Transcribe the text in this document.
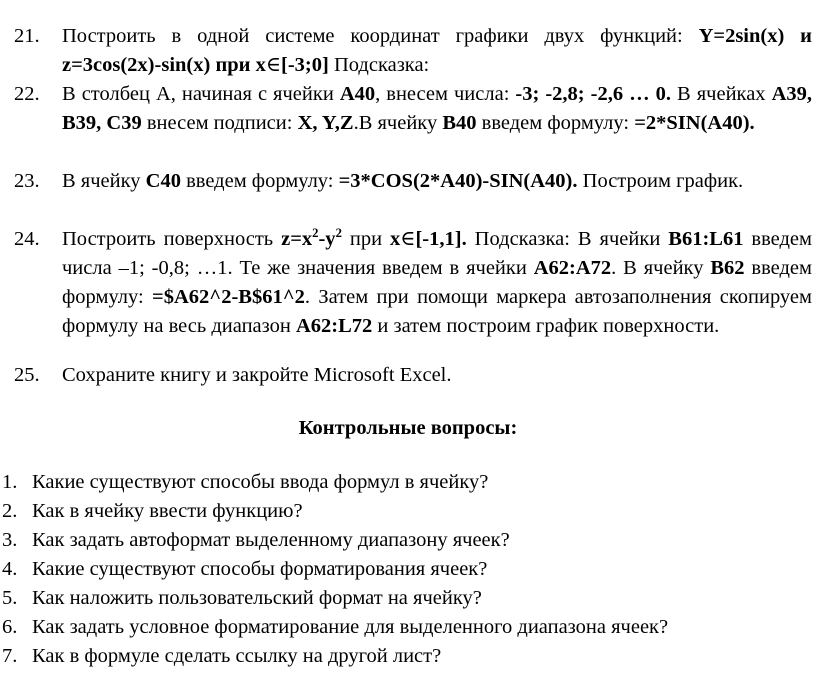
21. Построить в одной системе координат графики двух функций: Y=2sin(x) и z=3cos(2x)-sin(x) при x∈[-3;0] Подсказка:
22. В столбец А, начиная с ячейки A40, внесем числа: -3; -2,8; -2,6 … 0. В ячейках A39, B39, C39 внесем подписи: X, Y,Z.В ячейку B40 введем формулу: =2*SIN(A40).
23. В ячейку C40 введем формулу: =3*COS(2*A40)-SIN(A40). Построим график.
24. Построить поверхность $z=x^2-y^2$ при x∈[-1,1]. Подсказка: В ячейки B61:L61 введем числа –1; -0,8; …1. Те же значения введем в ячейки A62:A72. В ячейку B62 введем формулу: =$A62^2-B$61^2. Затем при помощи маркера автозаполнения скопируем формулу на весь диапазон A62:L72 и затем построим график поверхности.
25. Сохраните книгу и закройте Microsoft Excel.
Контрольные вопросы:
1. Какие существуют способы ввода формул в ячейку?
2. Как в ячейку ввести функцию?
3. Как задать автоформат выделенному диапазону ячеек?
4. Какие существуют способы форматирования ячеек?
5. Как наложить пользовательский формат на ячейку?
6. Как задать условное форматирование для выделенного диапазона ячеек?
7. Как в формуле сделать ссылку на другой лист?
